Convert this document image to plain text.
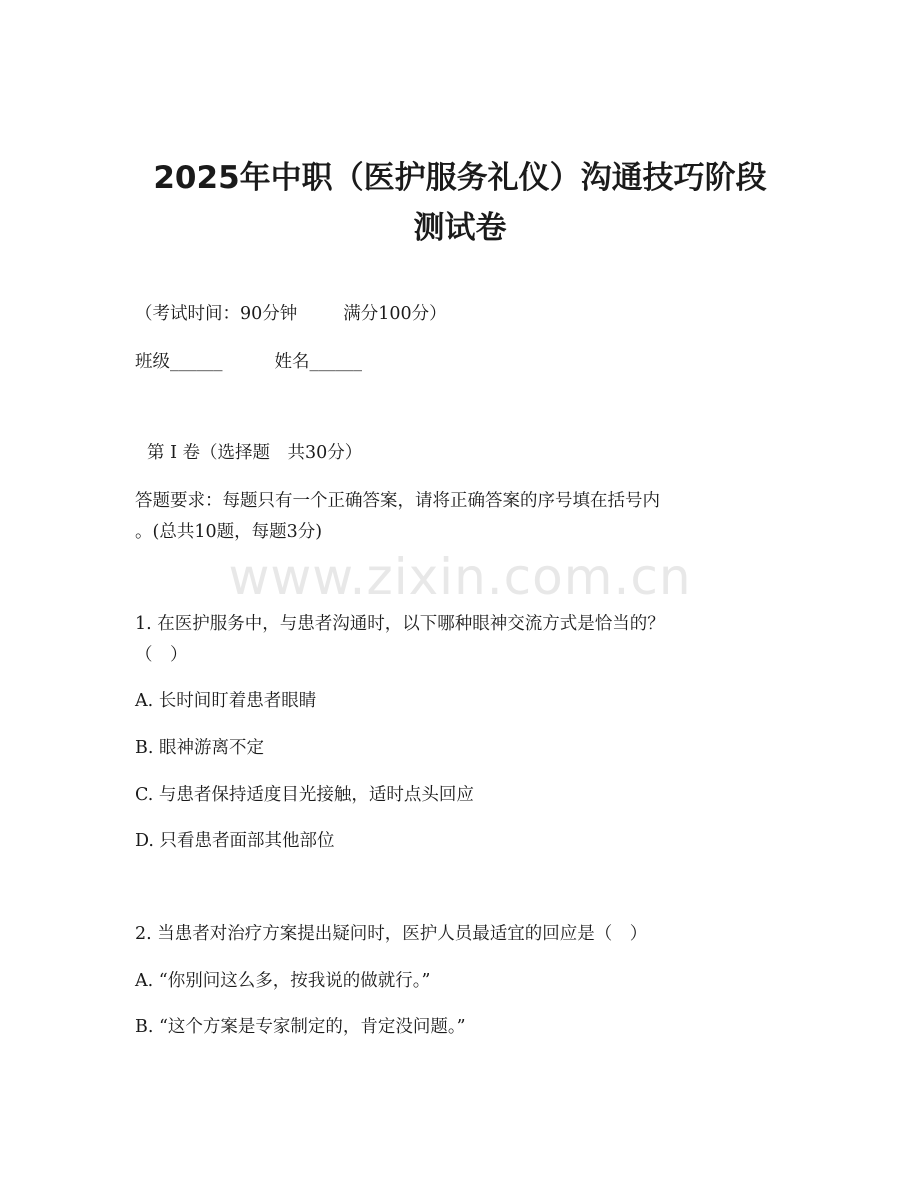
2025年中职（医护服务礼仪）沟通技巧阶段
测试卷
（考试时间：90分钟	满分100分）
班级______	姓名______
第 I 卷（选择题　共30分）
答题要求：每题只有一个正确答案，请将正确答案的序号填在括号内
。(总共10题，每题3分)
www.zixin.com.cn
1. 在医护服务中，与患者沟通时，以下哪种眼神交流方式是恰当的？
（　）
A. 长时间盯着患者眼睛
B. 眼神游离不定
C. 与患者保持适度目光接触，适时点头回应
D. 只看患者面部其他部位
2. 当患者对治疗方案提出疑问时，医护人员最适宜的回应是（　）
A. “你别问这么多，按我说的做就行。”
B. “这个方案是专家制定的，肯定没问题。”
